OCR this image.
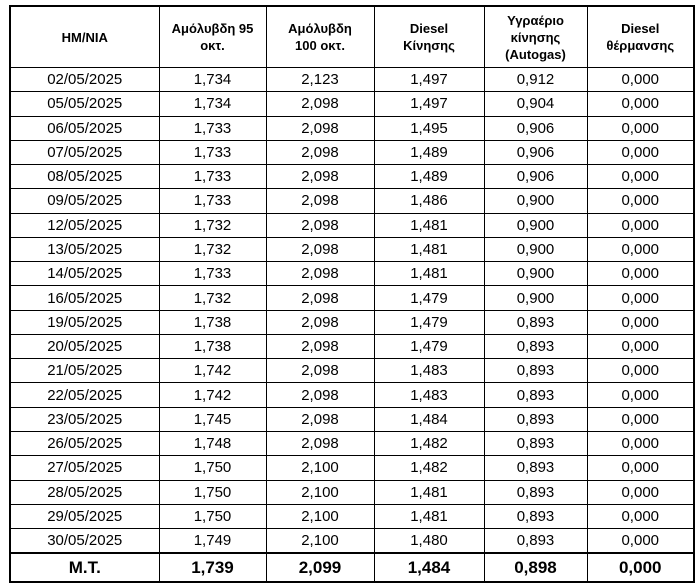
ΗΜ/ΝΙΑ	Αμόλυβδη 95 οκτ.	Αμόλυβδη 100 οκτ.	Diesel Κίνησης	Υγραέριο κίνησης (Autogas)	Diesel θέρμανσης
02/05/2025	1,734	2,123	1,497	0,912	0,000
05/05/2025	1,734	2,098	1,497	0,904	0,000
06/05/2025	1,733	2,098	1,495	0,906	0,000
07/05/2025	1,733	2,098	1,489	0,906	0,000
08/05/2025	1,733	2,098	1,489	0,906	0,000
09/05/2025	1,733	2,098	1,486	0,900	0,000
12/05/2025	1,732	2,098	1,481	0,900	0,000
13/05/2025	1,732	2,098	1,481	0,900	0,000
14/05/2025	1,733	2,098	1,481	0,900	0,000
16/05/2025	1,732	2,098	1,479	0,900	0,000
19/05/2025	1,738	2,098	1,479	0,893	0,000
20/05/2025	1,738	2,098	1,479	0,893	0,000
21/05/2025	1,742	2,098	1,483	0,893	0,000
22/05/2025	1,742	2,098	1,483	0,893	0,000
23/05/2025	1,745	2,098	1,484	0,893	0,000
26/05/2025	1,748	2,098	1,482	0,893	0,000
27/05/2025	1,750	2,100	1,482	0,893	0,000
28/05/2025	1,750	2,100	1,481	0,893	0,000
29/05/2025	1,750	2,100	1,481	0,893	0,000
30/05/2025	1,749	2,100	1,480	0,893	0,000
Μ.Τ.	1,739	2,099	1,484	0,898	0,000
